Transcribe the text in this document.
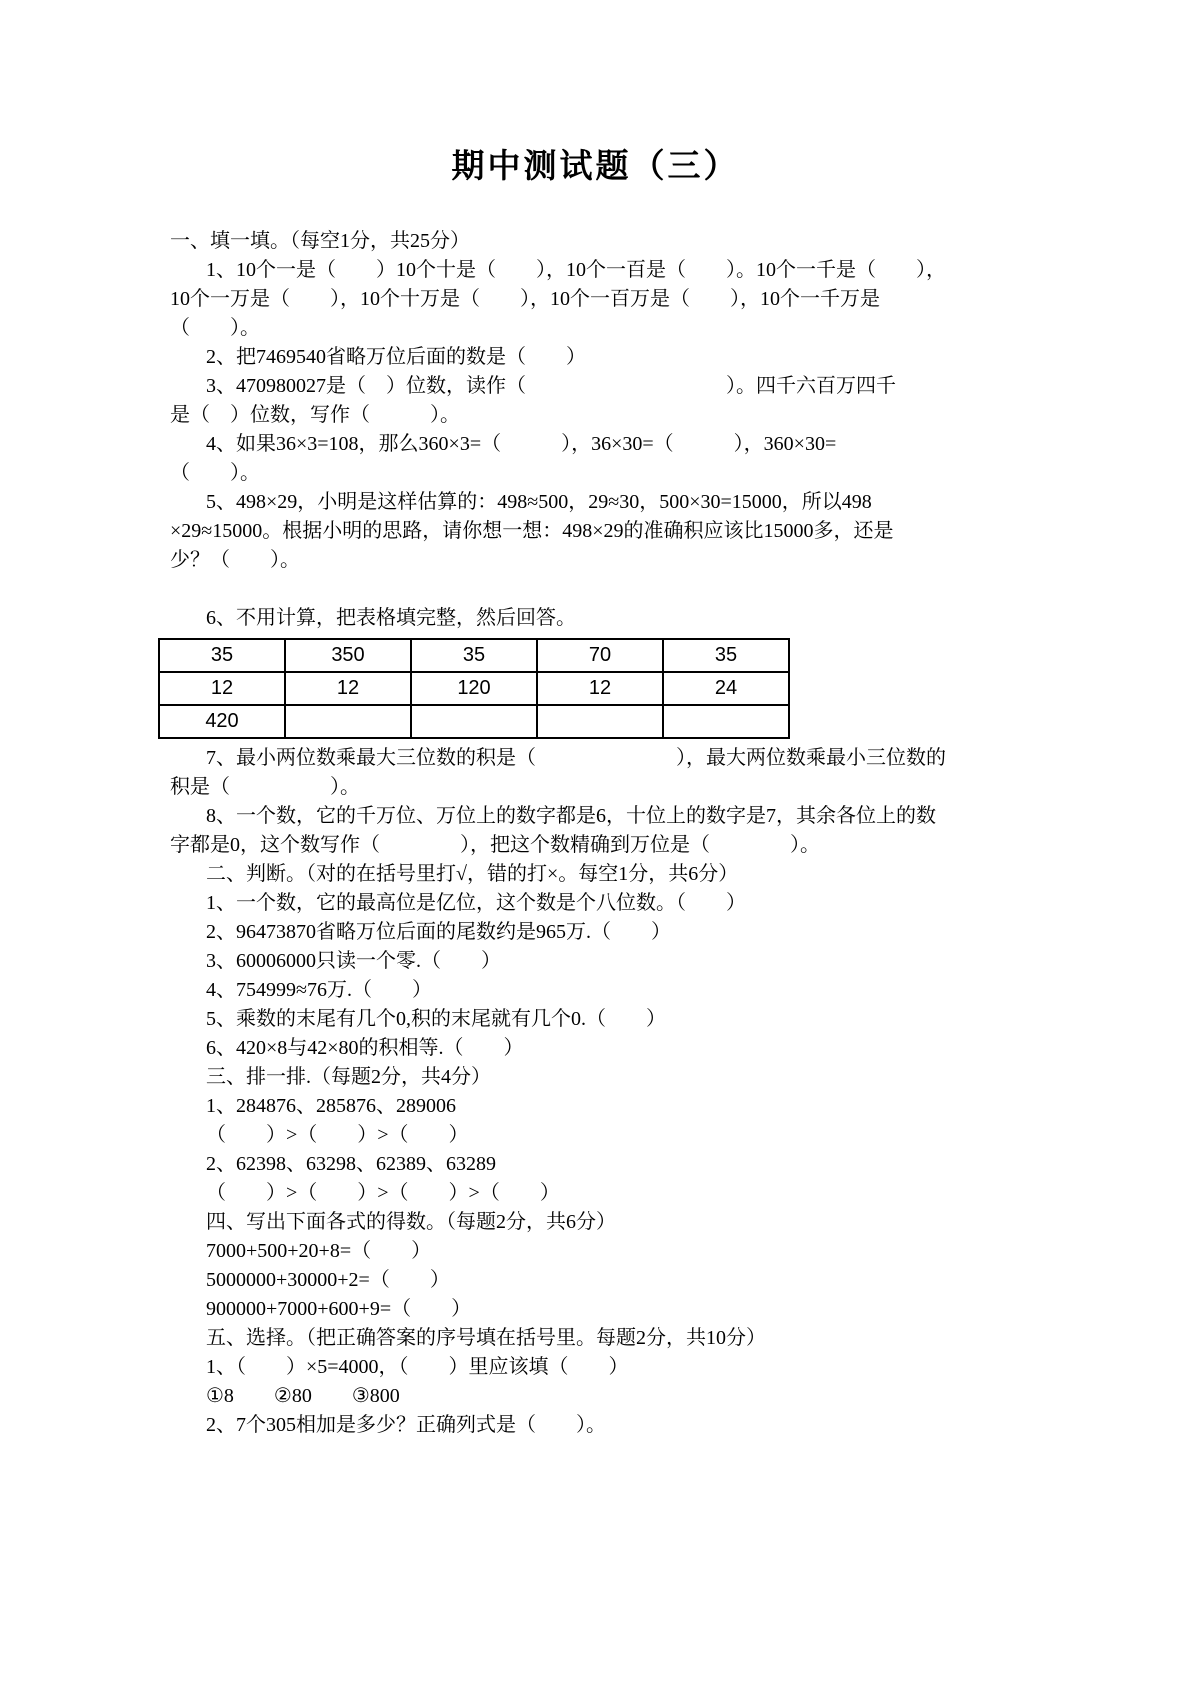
期中测试题（三）
一、填一填。（每空1分，共25分）
1、10个一是（　　）10个十是（　　），10个一百是（　　）。10个一千是（　　），
10个一万是（　　），10个十万是（　　），10个一百万是（　　），10个一千万是
（　　）。
2、把7469540省略万位后面的数是（　　）
3、470980027是（　）位数，读作（　　　　　　　　　　）。四千六百万四千
是（　）位数，写作（　　　）。
4、如果36×3=108，那么360×3=（　　　），36×30=（　　　），360×30=
（　　）。
5、498×29，小明是这样估算的：498≈500，29≈30，500×30=15000，所以498
×29≈15000。根据小明的思路，请你想一想：498×29的准确积应该比15000多，还是
少？（　　）。
6、不用计算，把表格填完整，然后回答。
35	350	35	70	35
12	12	120	12	24
420				
7、最小两位数乘最大三位数的积是（　　　　　　　），最大两位数乘最小三位数的
积是（　　　　　）。
8、一个数，它的千万位、万位上的数字都是6，十位上的数字是7，其余各位上的数
字都是0，这个数写作（　　　　），把这个数精确到万位是（　　　　）。
二、判断。（对的在括号里打√，错的打×。每空1分，共6分）
1、一个数，它的最高位是亿位，这个数是个八位数。（　　）
2、96473870省略万位后面的尾数约是965万.（　　）
3、60006000只读一个零.（　　）
4、754999≈76万.（　　）
5、乘数的末尾有几个0,积的末尾就有几个0.（　　）
6、420×8与42×80的积相等.（　　）
三、排一排.（每题2分，共4分）
1、284876、285876、289006
（　　）>（　　）>（　　）
2、62398、63298、62389、63289
（　　）>（　　）>（　　）>（　　）
四、写出下面各式的得数。（每题2分，共6分）
7000+500+20+8=（　　）
5000000+30000+2=（　　）
900000+7000+600+9=（　　）
五、选择。（把正确答案的序号填在括号里。每题2分，共10分）
1、（　　）×5=4000，（　　）里应该填（　　）
①8　　②80　　③800
2、7个305相加是多少？正确列式是（　　）。
